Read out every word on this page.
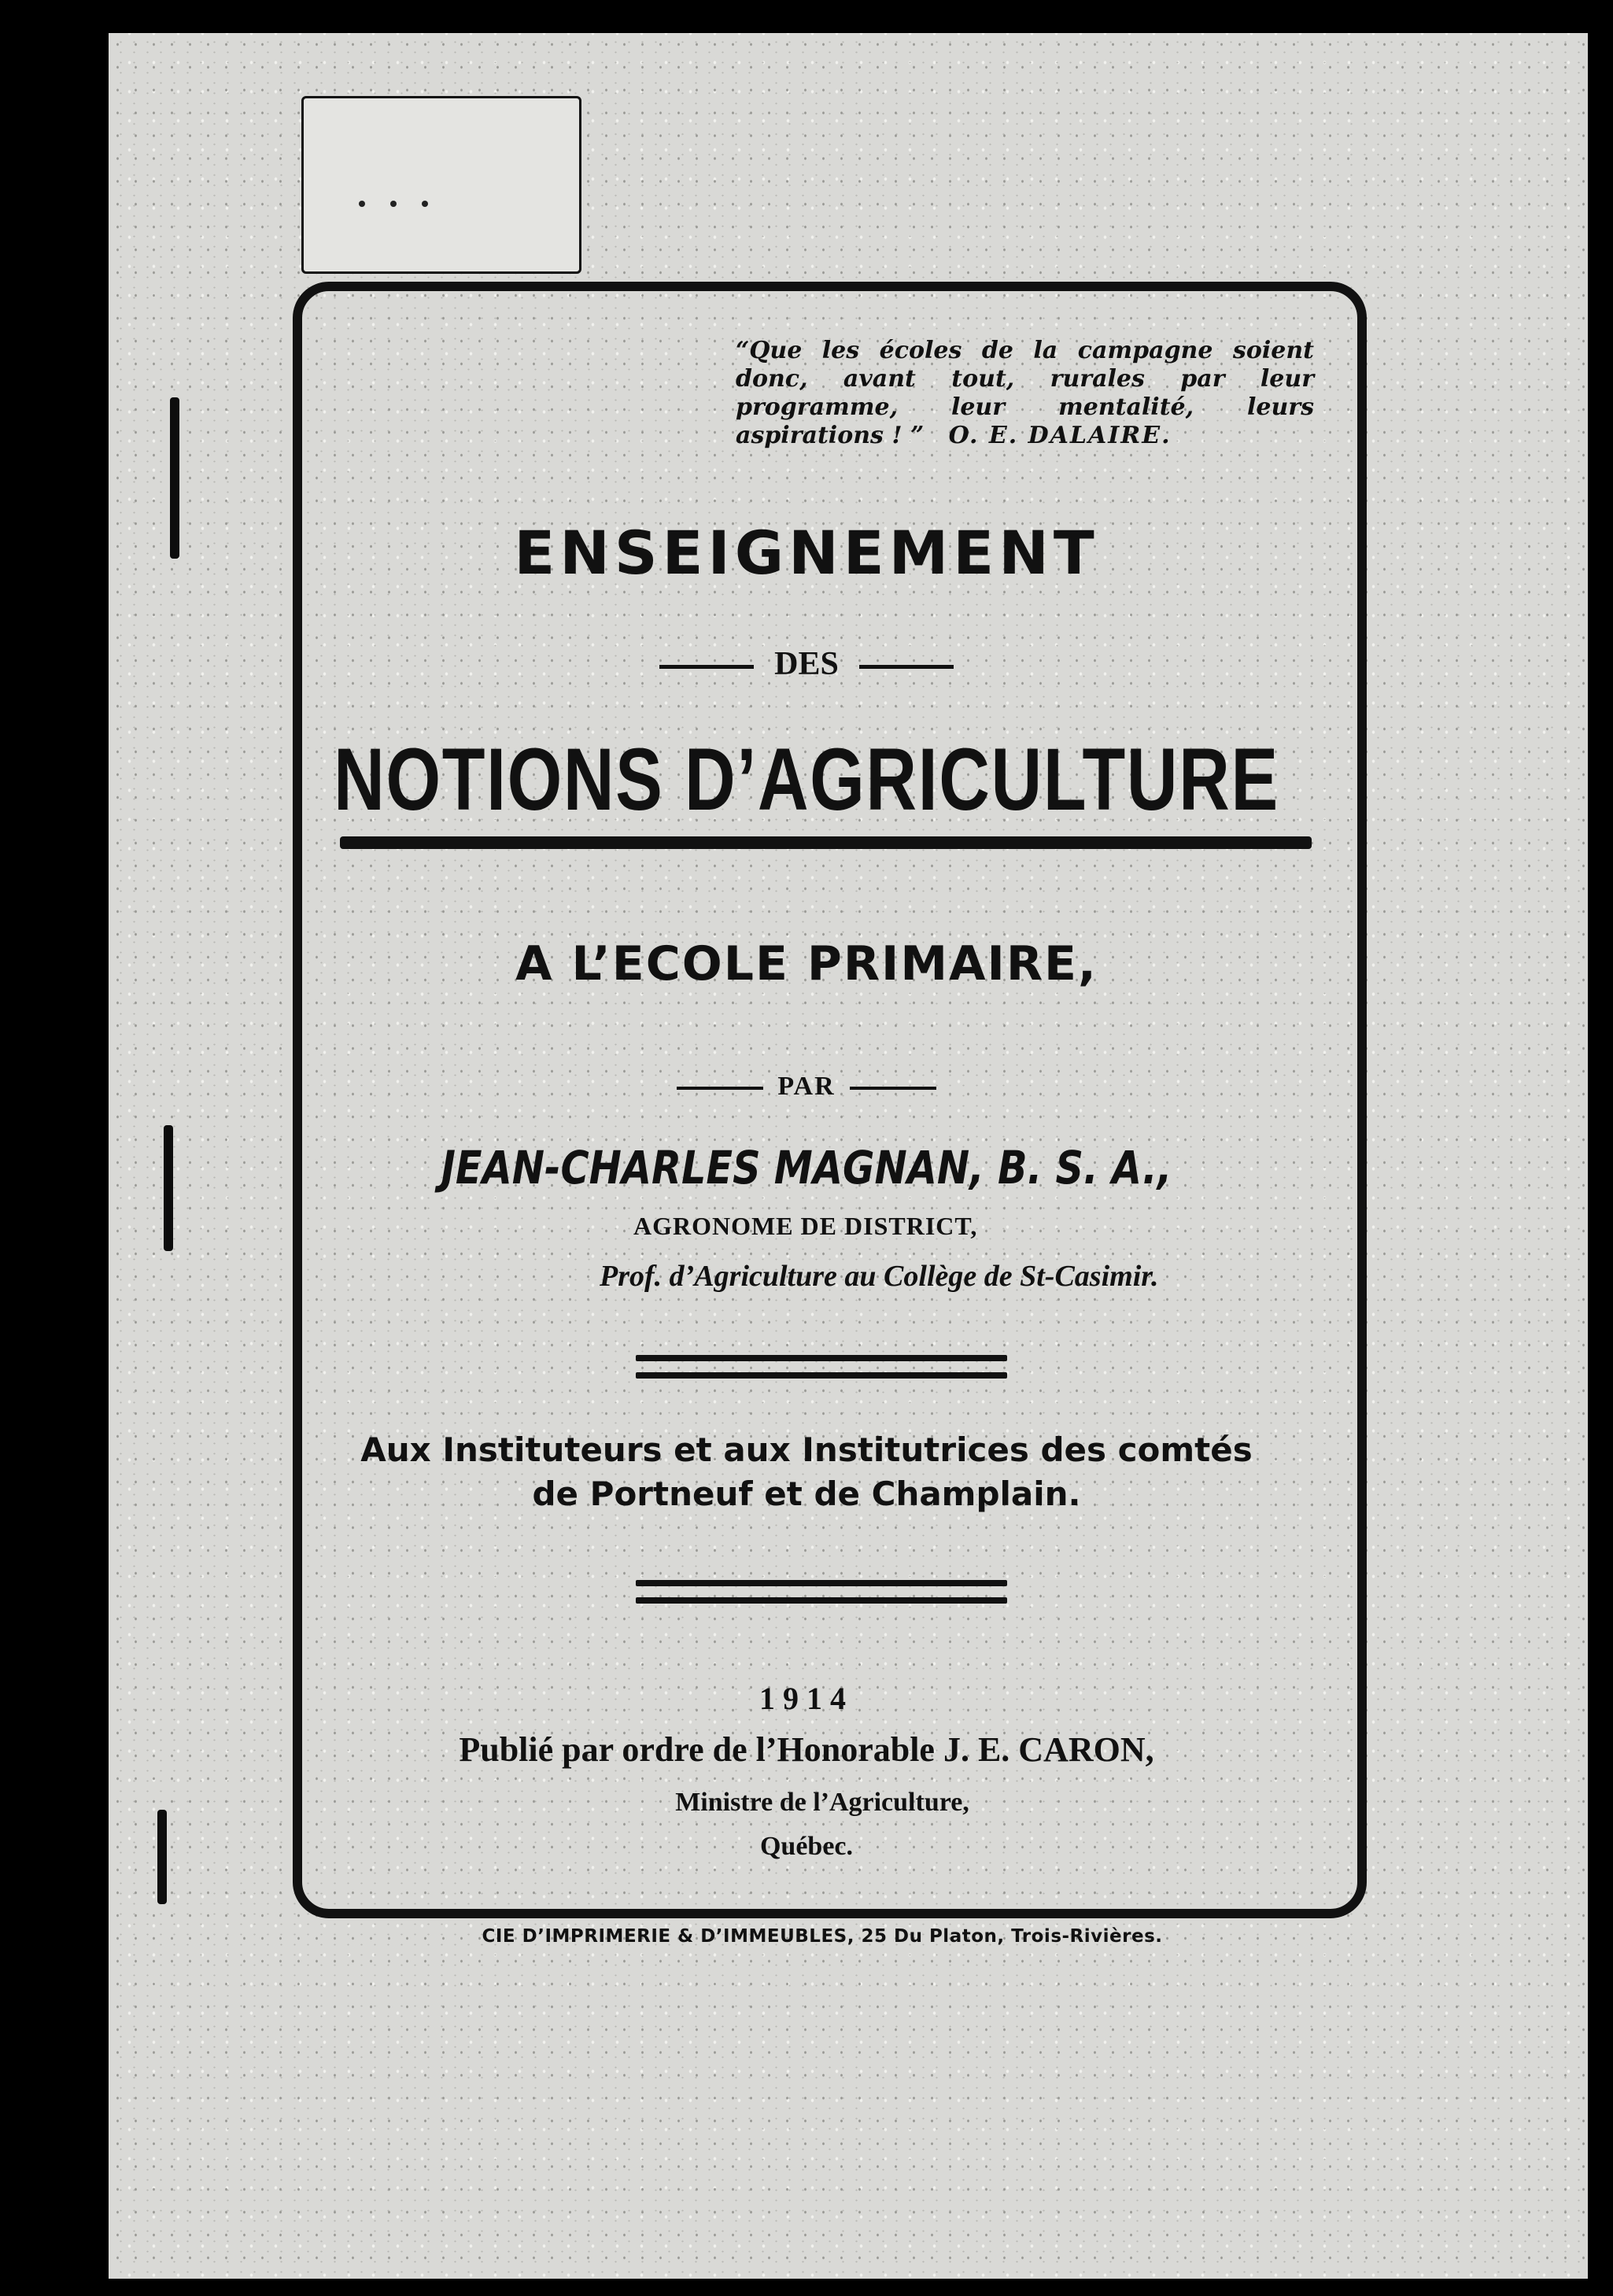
“Que les écoles de la campagne soient donc, avant tout, rurales par leur programme, leur mentalité, leurs aspirations ! ” O. E. DALAIRE.
ENSEIGNEMENT
DES
NOTIONS D’AGRICULTURE
A L’ECOLE PRIMAIRE,
PAR
JEAN-CHARLES MAGNAN, B. S. A.,
AGRONOME DE DISTRICT,
Prof. d’Agriculture au Collège de St-Casimir.
Aux Instituteurs et aux Institutrices des comtés
de Portneuf et de Champlain.
1914
Publié par ordre de l’Honorable J. E. CARON,
Ministre de l’Agriculture,
Québec.
CIE D’IMPRIMERIE & D’IMMEUBLES, 25 Du Platon, Trois-Rivières.
